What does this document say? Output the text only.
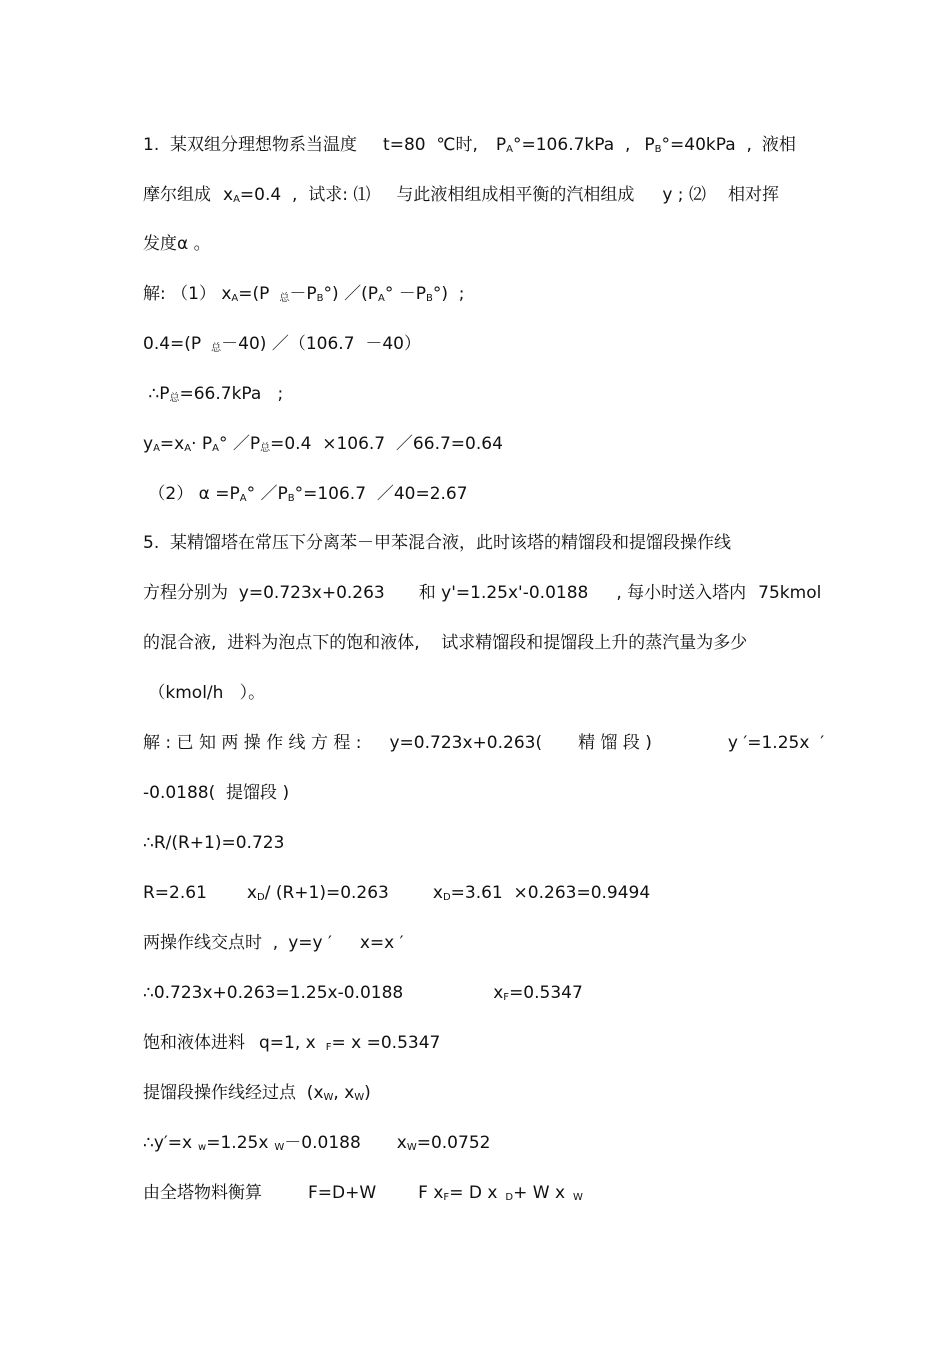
1.  某双组分理想物系当温度 t=80  ℃时, $P_A^\circ=106.7kPa$  , $P_B^\circ=40kPa$  , 液相
摩尔组成 $x_A=0.4$  ,  试求: ⑴ 与此液相组成相平衡的汽相组成 y ; ⑵ 相对挥
发度α 。
解: （1） $x_A=(P$ $_总-P_B^\circ$) $/(P_A^\circ -P_B^\circ)$  ;
0.4=(P $_总$－40) ／（106.7  －40）
$\therefore P_总=66.7kPa$   ;
$y_A=x_A\cdot P_A^\circ$ $/P_总=0.4 \times 106.7$  ／66.7=0.64
（2） $\alpha =P_A^\circ$ $/P_B^\circ=106.7$  ／40=2.67
5.  某精馏塔在常压下分离苯－甲苯混合液，此时该塔的精馏段和提馏段操作线
方程分别为  y=0.723x+0.263 和 y'=1.25x'-0.0188 , 每小时送入塔内 75kmol
的混合液,  进料为泡点下的饱和液体,    试求精馏段和提馏段上升的蒸汽量为多少
（kmol/h   ）。
解 : 已 知 两 操 作 线 方 程 : y=0.723x+0.263( 精 馏 段 )	y ′=1.25x  ′
-0.0188(  提馏段 )
∴R/(R+1)=0.723
R=2.61 $x_D/$ (R+1)=0.263	$x_D=3.61 \times 0.263=0.9494$
两操作线交点时  , y=y ′ x=x ′
∴0.723x+0.263=1.25x-0.0188	$x_F=0.5347$
饱和液体进料 q=1, x $_F$= x =0.5347
提馏段操作线经过点  ($x_W$, $x_W$)
∴y′=x $_w$=1.25x $_W$－0.0188 $x_W=0.0752$
由全塔物料衡算	F=D+W F $x_F= D$ x $_D$+ W x $_W$
